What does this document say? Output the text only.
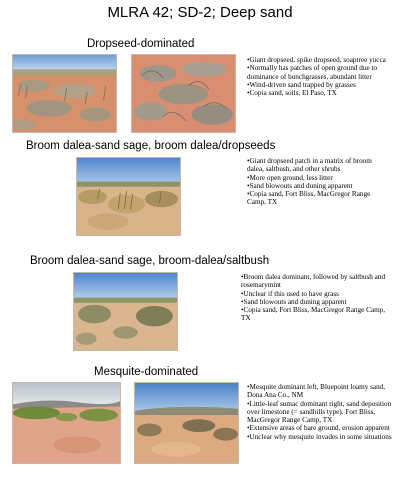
MLRA 42; SD-2; Deep sand
Dropseed-dominated
•Giant dropseed, spike dropseed, soaptree yucca
•Normally has patches of open ground due to dominance of bunchgrasses, abundant litter
•Wind-driven sand trapped by grasses
•Copia sand, soils, El Paso, TX
Broom dalea-sand sage, broom dalea/dropseeds
•Giant dropseed patch in a matrix of broom dalea, saltbush, and other shrubs
•More open ground, less litter
•Sand blowouts and duning apparent
•Copia sand, Fort Bliss, MacGregor Range Camp, TX
Broom dalea-sand sage, broom-dalea/saltbush
•Broom dalea dominant, followed by saltbush and rosemarymint
•Unclear if this used to have grass
•Sand blowouts and duning apparent
•Copia sand, Fort Bliss, MacGregor Range Camp, TX
Mesquite-dominated
•Mesquite dominant left, Bluepoint loamy sand, Dona Ana Co., NM
•Little-leaf sumac dominant right, sand deposition over limestone (= sandhills type). Fort Bliss, MacGregor Range Camp, TX
•Extensive areas of bare ground, erosion apparent
•Unclear why mesquite invades in some situations
